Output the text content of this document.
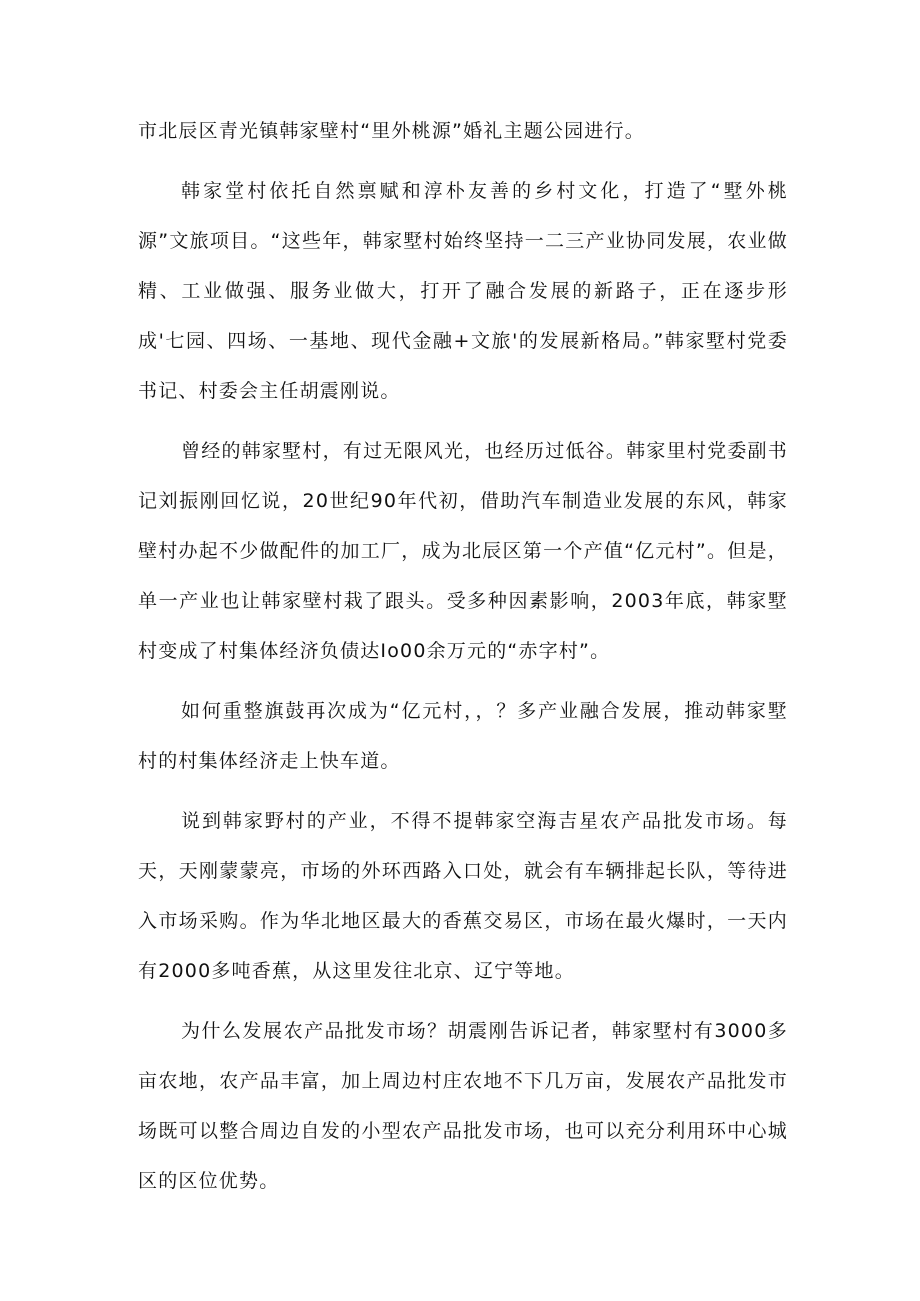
市北辰区青光镇韩家壁村“里外桃源”婚礼主题公园进行。

韩家堂村依托自然禀赋和淳朴友善的乡村文化，打造了“墅外桃源”文旅项目。“这些年，韩家墅村始终坚持一二三产业协同发展，农业做精、工业做强、服务业做大，打开了融合发展的新路子，正在逐步形成'七园、四场、一基地、现代金融+文旅'的发展新格局。”韩家墅村党委书记、村委会主任胡震刚说。

曾经的韩家墅村，有过无限风光，也经历过低谷。韩家里村党委副书记刘振刚回忆说，20世纪90年代初，借助汽车制造业发展的东风，韩家壁村办起不少做配件的加工厂，成为北辰区第一个产值“亿元村”。但是，单一产业也让韩家壁村栽了跟头。受多种因素影响，2003年底，韩家墅村变成了村集体经济负债达Io00余万元的“赤字村”。

如何重整旗鼓再次成为“亿元村，，？多产业融合发展，推动韩家墅村的村集体经济走上快车道。

说到韩家野村的产业，不得不提韩家空海吉星农产品批发市场。每天，天刚蒙蒙亮，市场的外环西路入口处，就会有车辆排起长队，等待进入市场采购。作为华北地区最大的香蕉交易区，市场在最火爆时，一天内有2000多吨香蕉，从这里发往北京、辽宁等地。

为什么发展农产品批发市场？胡震刚告诉记者，韩家墅村有3000多亩农地，农产品丰富，加上周边村庄农地不下几万亩，发展农产品批发市场既可以整合周边自发的小型农产品批发市场，也可以充分利用环中心城区的区位优势。
